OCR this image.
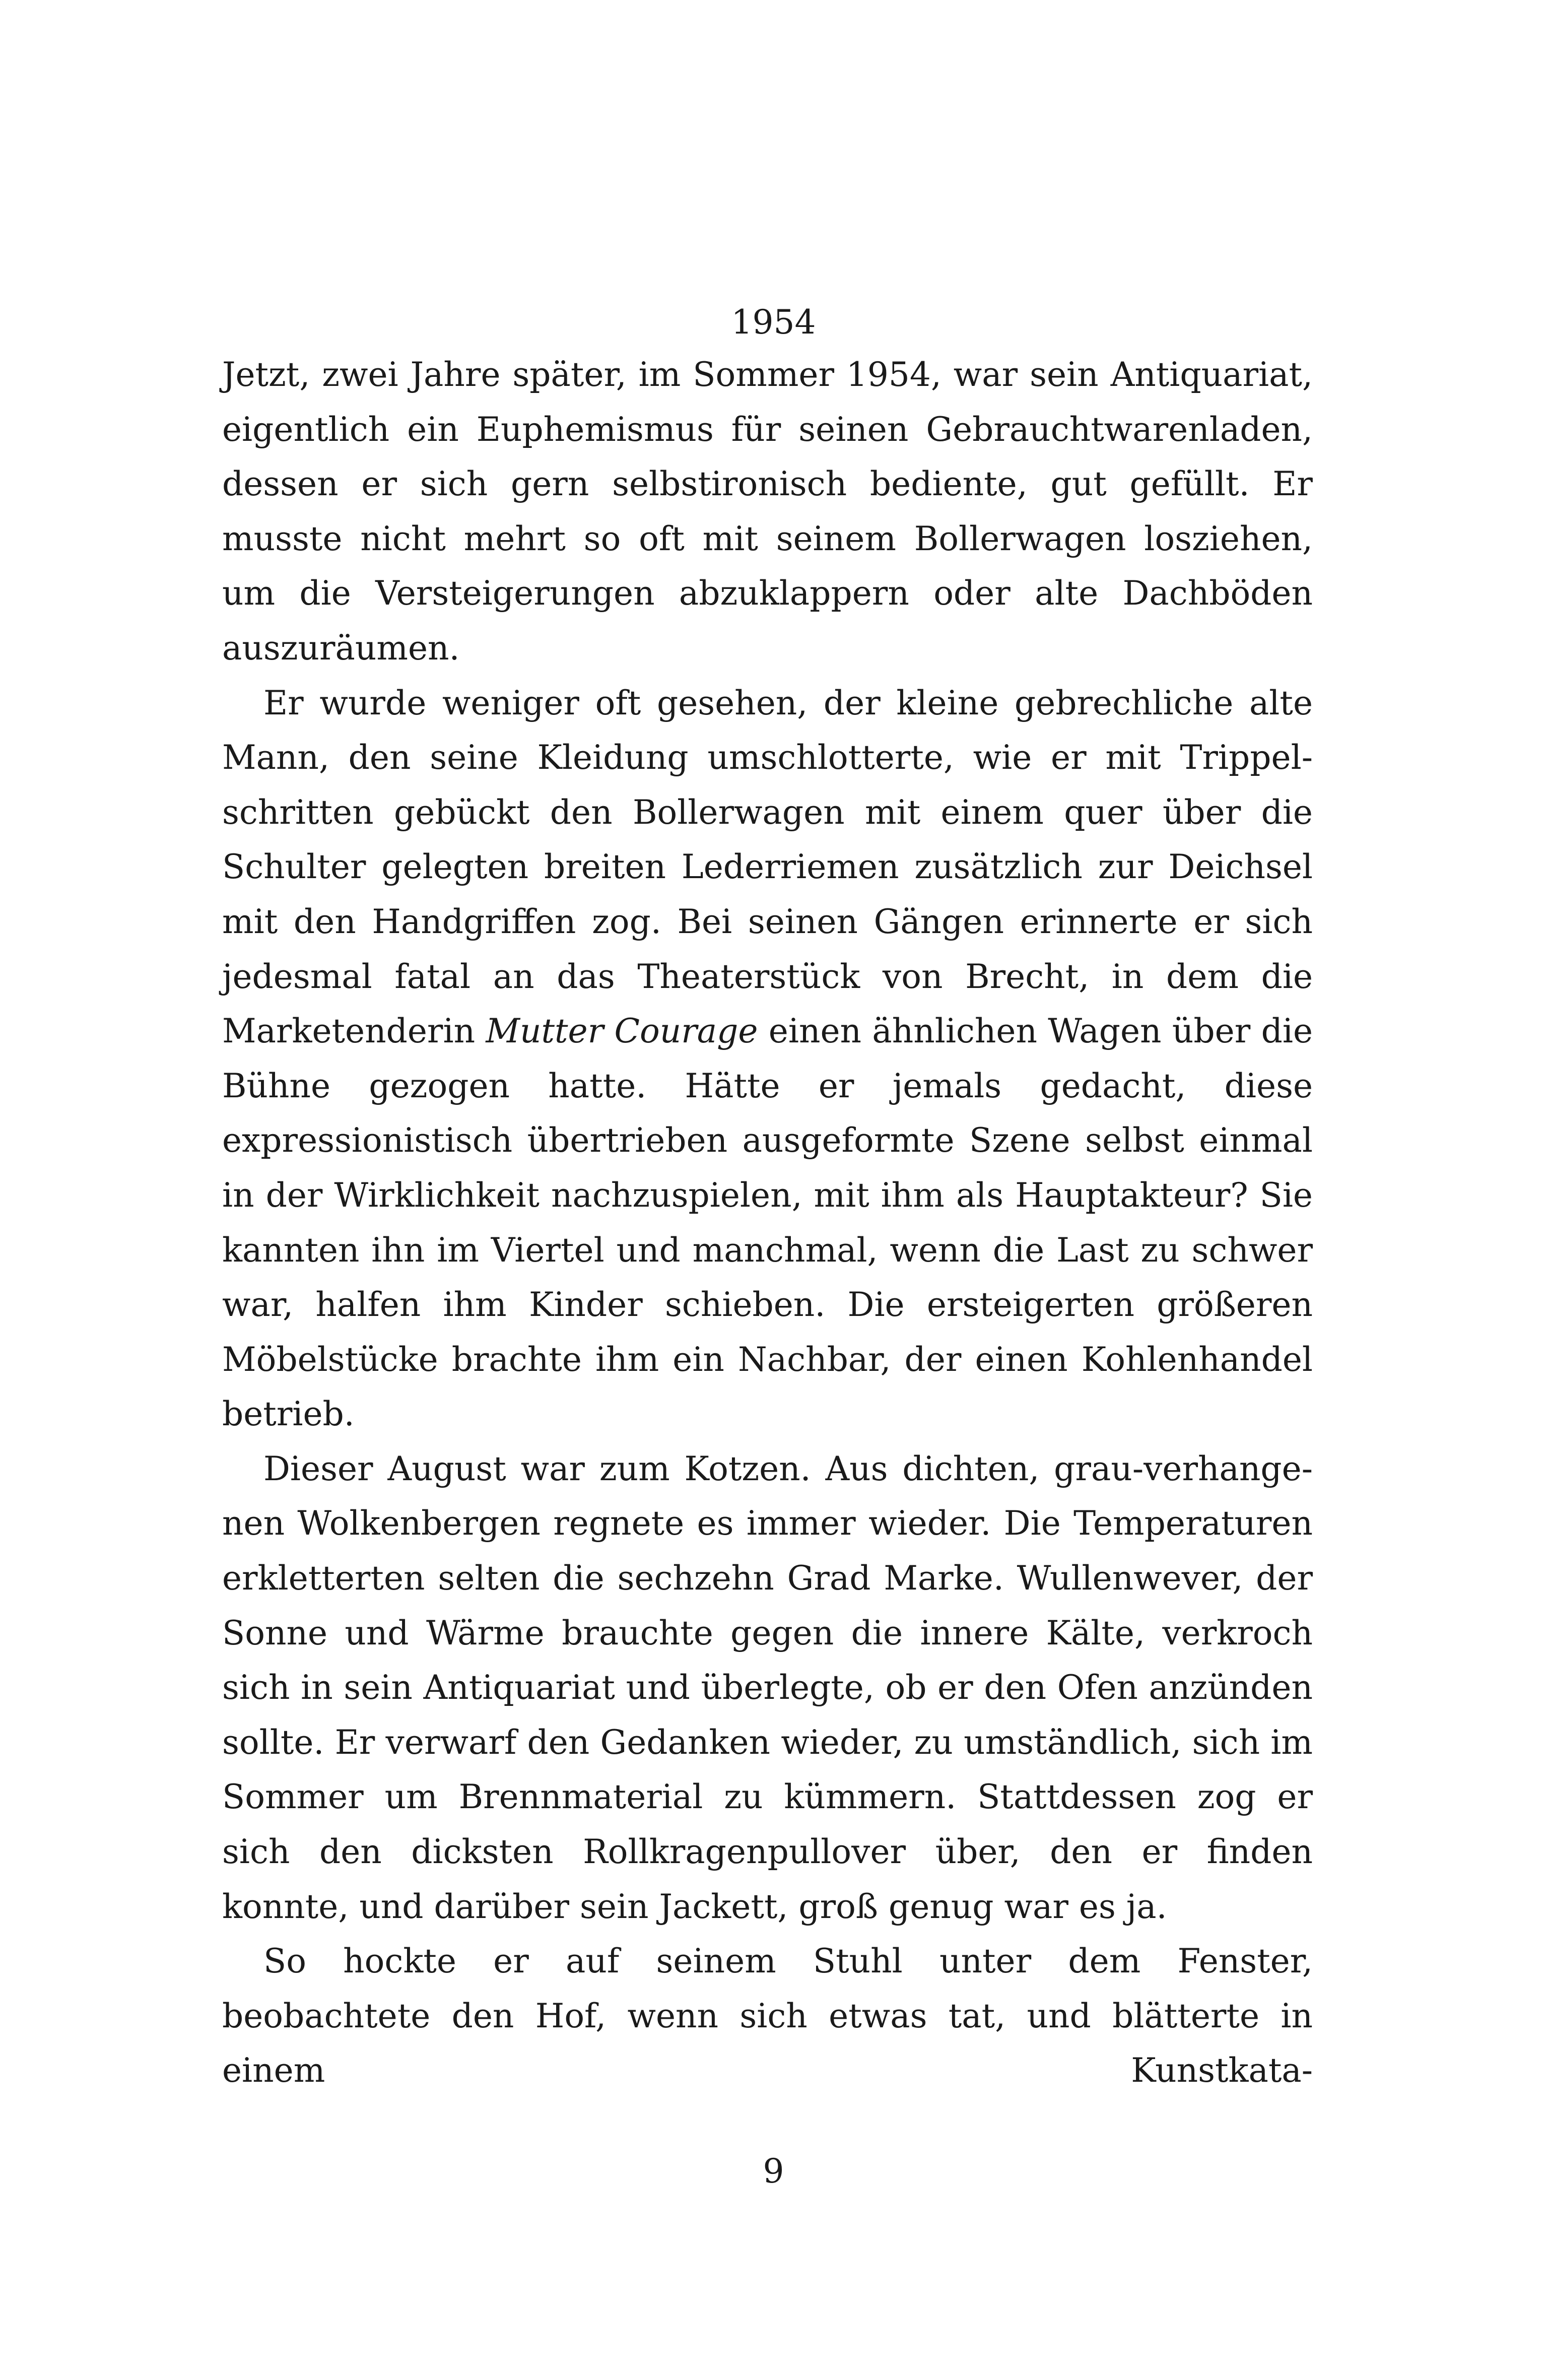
1954

Jetzt, zwei Jahre später, im Sommer 1954, war sein Antiquariat, eigentlich ein Euphemismus für seinen Gebrauchtwarenladen, dessen er sich gern selbstironisch bediente, gut gefüllt. Er musste nicht mehrt so oft mit seinem Bollerwagen losziehen, um die Versteigerungen abzuklappern oder alte Dachböden auszuräumen.

Er wurde weniger oft gesehen, der kleine gebrechliche alte Mann, den seine Kleidung umschlotterte, wie er mit Trippelschritten gebückt den Bollerwagen mit einem quer über die Schulter gelegten breiten Lederriemen zusätzlich zur Deichsel mit den Handgriffen zog. Bei seinen Gängen erinnerte er sich jedesmal fatal an das Theaterstück von Brecht, in dem die Marketenderin Mutter Courage einen ähnlichen Wagen über die Bühne gezogen hatte. Hätte er jemals gedacht, diese expressionistisch übertrieben ausgeformte Szene selbst einmal in der Wirklichkeit nachzuspielen, mit ihm als Hauptakteur? Sie kannten ihn im Viertel und manchmal, wenn die Last zu schwer war, halfen ihm Kinder schieben. Die ersteigerten größeren Möbelstücke brachte ihm ein Nachbar, der einen Kohlenhandel betrieb.

Dieser August war zum Kotzen. Aus dichten, grau-verhangenen Wolkenbergen regnete es immer wieder. Die Temperaturen erkletterten selten die sechzehn Grad Marke. Wullenwever, der Sonne und Wärme brauchte gegen die innere Kälte, verkroch sich in sein Antiquariat und überlegte, ob er den Ofen anzünden sollte. Er verwarf den Gedanken wieder, zu umständlich, sich im Sommer um Brennmaterial zu kümmern. Stattdessen zog er sich den dicksten Rollkragenpullover über, den er finden konnte, und darüber sein Jackett, groß genug war es ja.

So hockte er auf seinem Stuhl unter dem Fenster, beobachtete den Hof, wenn sich etwas tat, und blätterte in einem Kunstkata-

9
